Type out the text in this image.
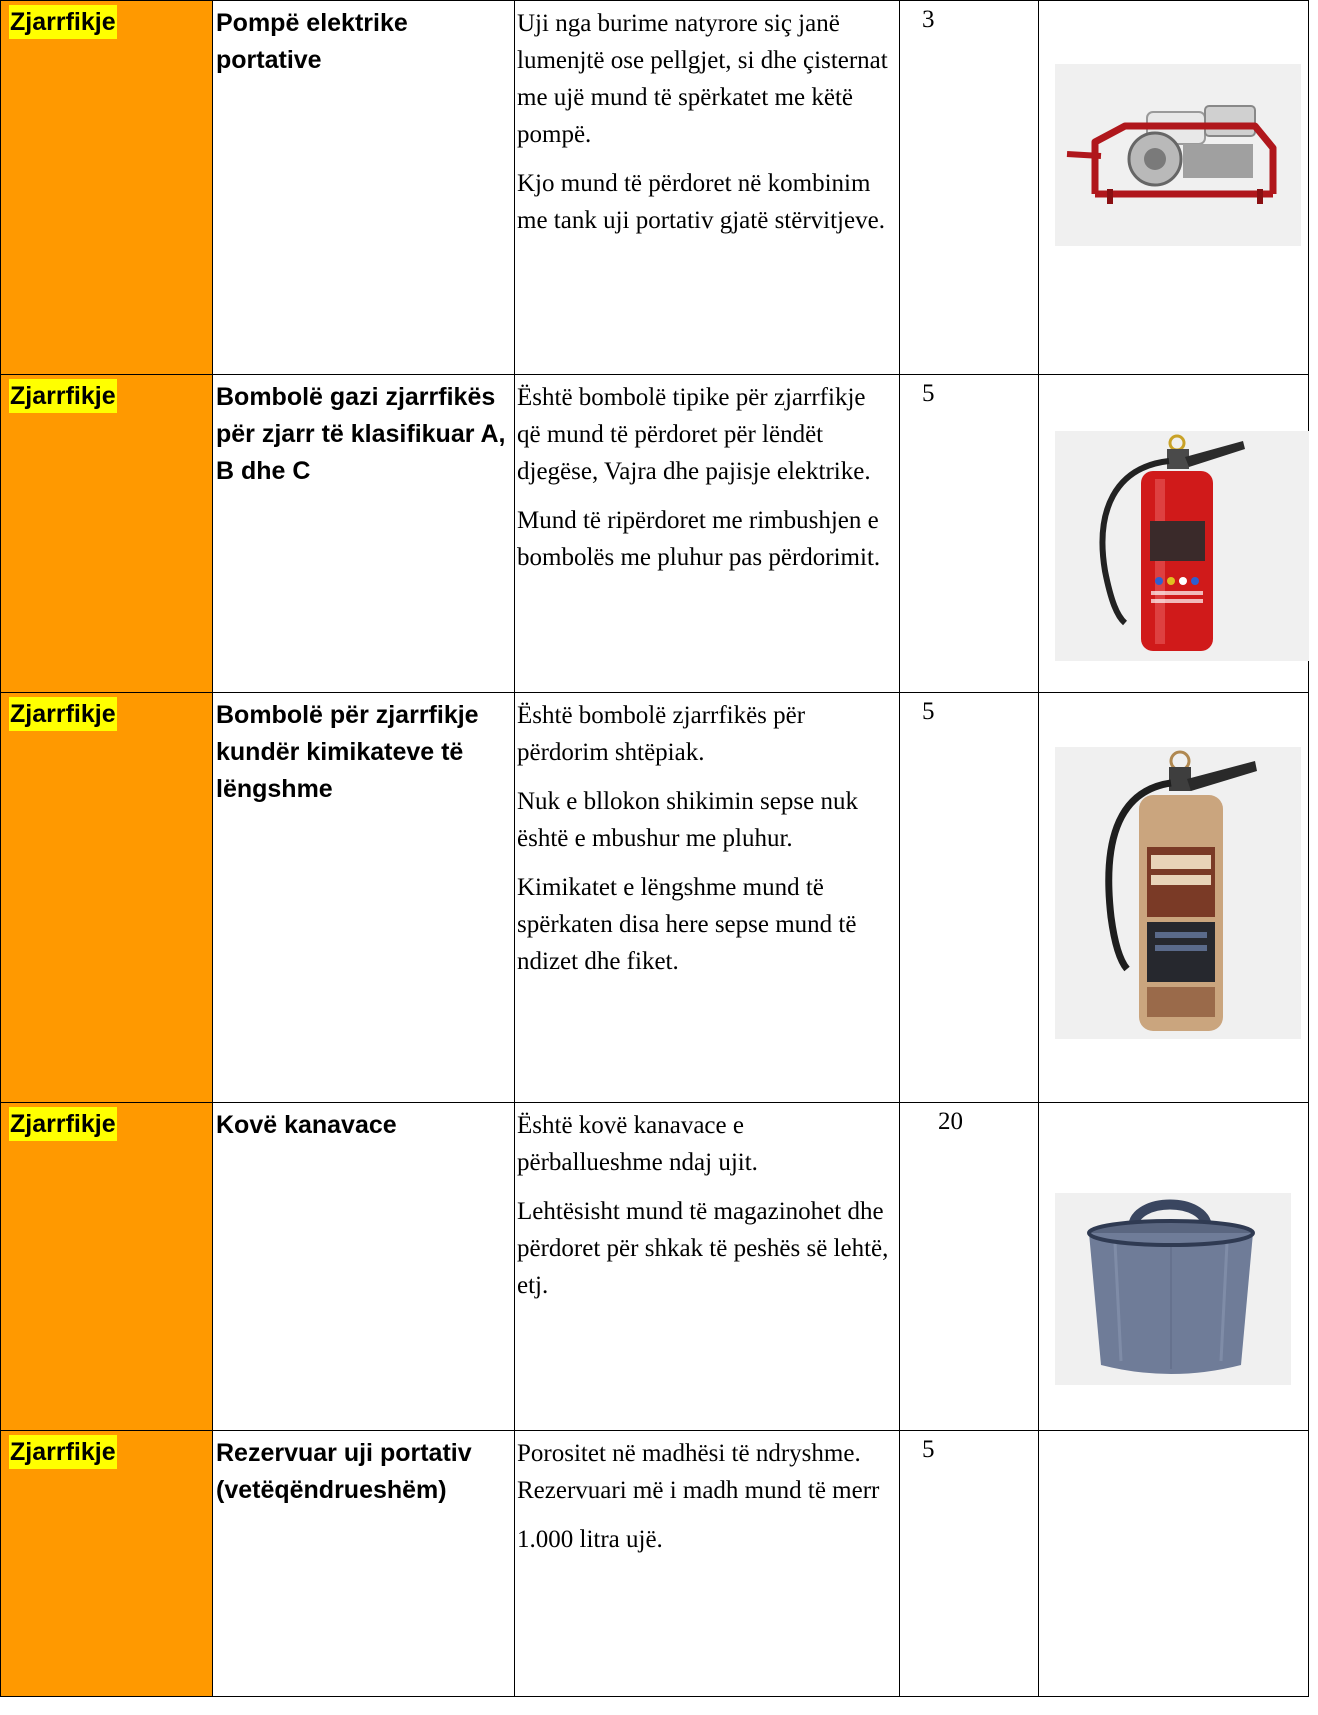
Zjarrfikje	Pompë elektrike portative	Uji nga burime natyrore siç janë lumenjtë ose pellgjet, si dhe çisternat me ujë mund të spërkatet me këtë pompë.
Kjo mund të përdoret në kombinim me tank uji portativ gjatë stërvitjeve.	3

Zjarrfikje	Bombolë gazi zjarrfikës për zjarr të klasifikuar A, B dhe C	Është bombolë tipike për zjarrfikje që mund të përdoret për lëndët djegëse, Vajra dhe pajisje elektrike.
Mund të ripërdoret me rimbushjen e bombolës me pluhur pas përdorimit.	5

Zjarrfikje	Bombolë për zjarrfikje kundër kimikateve të lëngshme	Është bombolë zjarrfikës për përdorim shtëpiak.
Nuk e bllokon shikimin sepse nuk është e mbushur me pluhur.
Kimikatet e lëngshme mund të spërkaten disa here sepse mund të ndizet dhe fiket.	5

Zjarrfikje	Kovë kanavace	Është kovë kanavace e përballueshme ndaj ujit.
Lehtësisht mund të magazinohet dhe përdoret për shkak të peshës së lehtë, etj.	20

Zjarrfikje	Rezervuar uji portativ (vetëqëndrueshëm)	Porositet në madhësi të ndryshme. Rezervuari më i madh mund të merr
1.000 litra ujë.	5	
